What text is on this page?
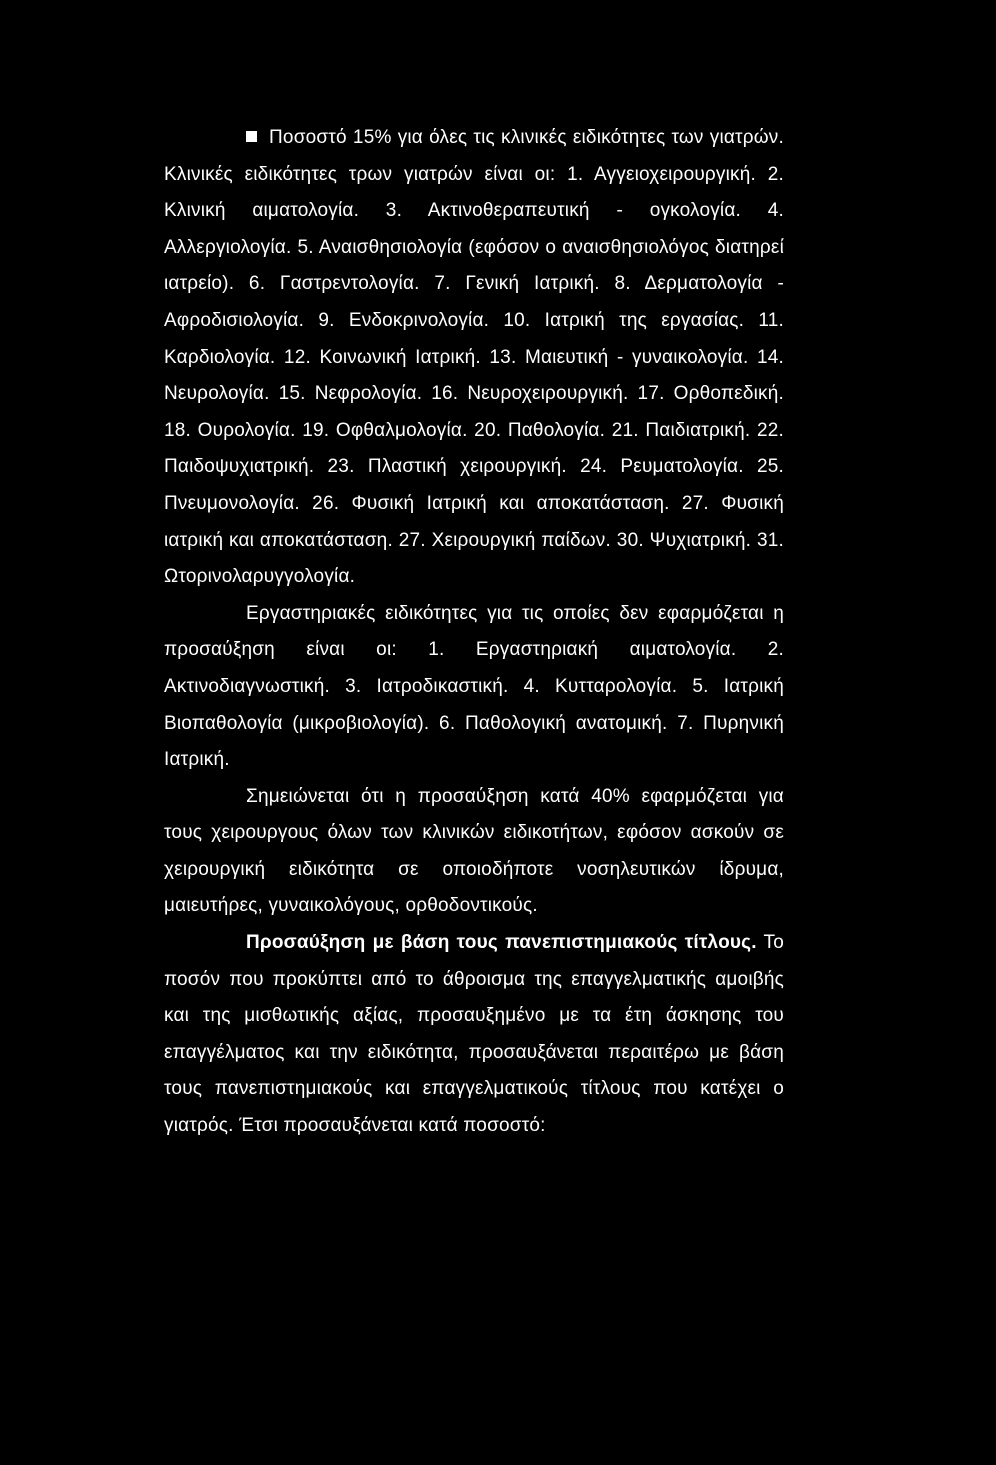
Ποσοστό 15% για όλες τις κλινικές ειδικότητες των γιατρών. Κλινικές ειδικότητες τρων γιατρών είναι οι: 1. Αγγειοχειρουργική. 2. Κλινική αιματολογία. 3. Ακτινοθεραπευτική - ογκολογία. 4. Αλλεργιολογία. 5. Αναισθησιολογία (εφόσον ο αναισθησιολόγος διατηρεί ιατρείο). 6. Γαστρεντολογία. 7. Γενική Ιατρική. 8. Δερματολογία - Αφροδισιολογία. 9. Ενδοκρινολογία. 10. Ιατρική της εργασίας. 11. Καρδιολογία. 12. Κοινωνική Ιατρική. 13. Μαιευτική - γυναικολογία. 14. Νευρολογία. 15. Νεφρολογία. 16. Νευροχειρουργική. 17. Ορθοπεδική. 18. Ουρολογία. 19. Οφθαλμολογία. 20. Παθολογία. 21. Παιδιατρική. 22. Παιδοψυχιατρική. 23. Πλαστική χειρουργική. 24. Ρευματολογία. 25. Πνευμονολογία. 26. Φυσική Ιατρική και αποκατάσταση. 27. Φυσική ιατρική και αποκατάσταση. 27. Χειρουργική παίδων. 30. Ψυχιατρική. 31. Ωτορινολαρυγγολογία.

Εργαστηριακές ειδικότητες για τις οποίες δεν εφαρμόζεται η προσαύξηση είναι οι: 1. Εργαστηριακή αιματολογία. 2. Ακτινοδιαγνωστική. 3. Ιατροδικαστική. 4. Κυτταρολογία. 5. Ιατρική Βιοπαθολογία (μικροβιολογία). 6. Παθολογική ανατομική. 7. Πυρηνική Ιατρική.

Σημειώνεται ότι η προσαύξηση κατά 40% εφαρμόζεται για τους χειρουργους όλων των κλινικών ειδικοτήτων, εφόσον ασκούν σε χειρουργική ειδικότητα σε οποιοδήποτε νοσηλευτικών ίδρυμα, μαιευτήρες, γυναικολόγους, ορθοδοντικούς.

Προσαύξηση με βάση τους πανεπιστημιακούς τίτλους. Το ποσόν που προκύπτει από το άθροισμα της επαγγελματικής αμοιβής και της μισθωτικής αξίας, προσαυξημένο με τα έτη άσκησης του επαγγέλματος και την ειδικότητα, προσαυξάνεται περαιτέρω με βάση τους πανεπιστημιακούς και επαγγελματικούς τίτλους που κατέχει ο γιατρός. Έτσι προσαυξάνεται κατά ποσοστό:
